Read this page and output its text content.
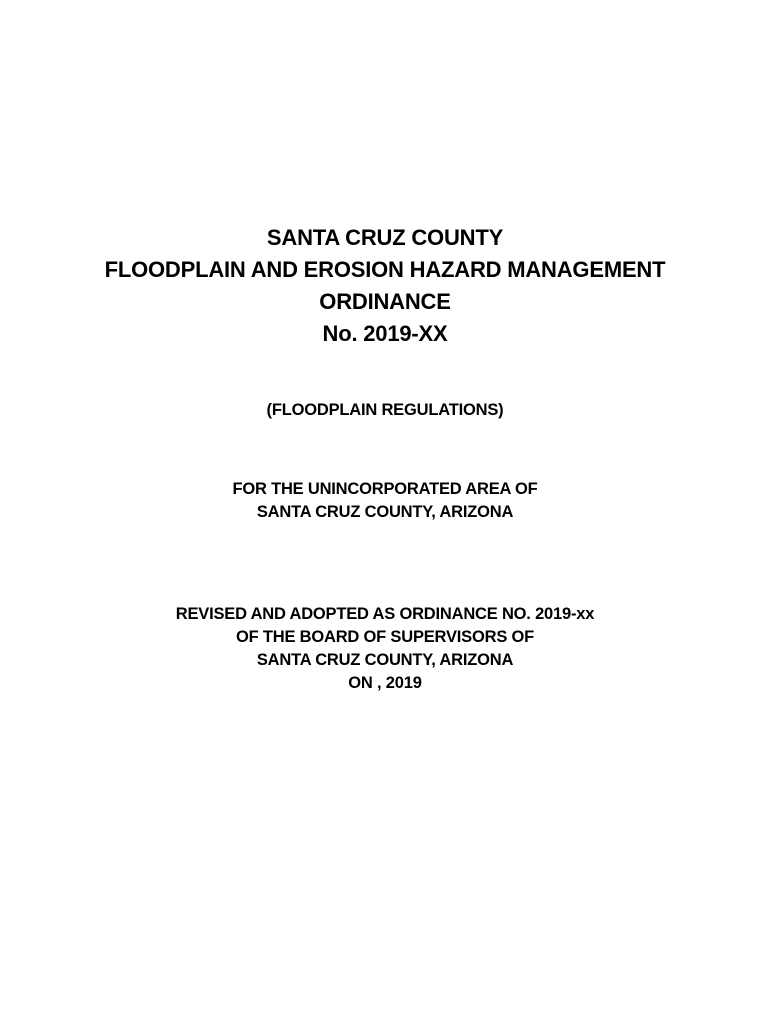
SANTA CRUZ COUNTY
FLOODPLAIN AND EROSION HAZARD MANAGEMENT
ORDINANCE
No. 2019-XX
(FLOODPLAIN REGULATIONS)
FOR THE UNINCORPORATED AREA OF
SANTA CRUZ COUNTY, ARIZONA
REVISED AND ADOPTED AS ORDINANCE NO. 2019-xx
OF THE BOARD OF SUPERVISORS OF
SANTA CRUZ COUNTY, ARIZONA
ON , 2019
